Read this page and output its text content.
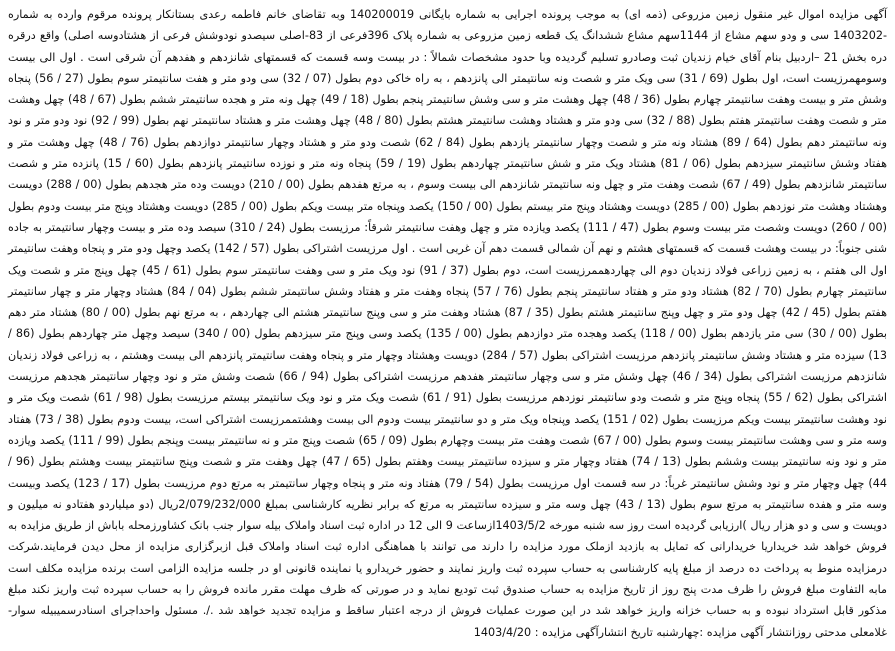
آگهی مزایده اموال غیر منقول زمین مزروعی (ذمه ای) به موجب پرونده اجرایی به شماره بایگانی 140200019 وبه تقاضای خانم فاطمه رعدی بستانکار پرونده مرقوم وارده به شماره -1403202 سی و ودو سهم مشاع از 1144سهم مشاع ششدانگ یک قطعه زمین مزروعی به شماره پلاک 396فرعی از 83-اصلی سیصدو نودوشش فرعی از هشتادوسه اصلی) واقع درقره دره بخش 21 –اردبیل بنام آقای خیام زندیان ثبت وصادرو تسلیم گردیده وبا حدود مشخصات شمالاً : در بیست وسه قسمت که قسمتهای شانزدهم و هفدهم آن شرقی است . اول الی بیست وسومهمرزیست است، اول بطول (69 / 31) سی ویک متر و شصت ونه سانتیمتر الی پانزدهم ، به راه خاکی دوم بطول (07 / 32) سی ودو متر و هفت سانتیمتر سوم بطول (27 / 56) پنجاه وشش متر و بیست وهفت سانتیمتر چهارم بطول (36 / 48) چهل وهشت متر و سی وشش سانتیمتر پنجم بطول (18 / 49) چهل ونه متر و هجده سانتیمتر ششم بطول (67 / 48) چهل وهشت متر و شصت وهفت سانتیمتر هفتم بطول (88 / 32) سی ودو متر و هشتاد وهشت سانتیمتر هشتم بطول (80 / 48) چهل وهشت متر و هشتاد سانتیمتر نهم بطول (99 / 92) نود ودو متر و نود ونه سانتیمتر دهم بطول (64 / 89) هشتاد ونه متر و شصت وچهار سانتیمتر یازدهم بطول (84 / 62) شصت ودو متر و هشتاد وچهار سانتیمتر دوازدهم بطول (76 / 48) چهل وهشت متر و هفتاد وشش سانتیمتر سیزدهم بطول (06 / 81) هشتاد ویک متر و شش سانتیمتر چهاردهم بطول (19 / 59) پنجاه ونه متر و نوزده سانتیمتر پانزدهم بطول (60 / 15) پانزده متر و شصت سانتیمتر شانزدهم بطول (49 / 67) شصت وهفت متر و چهل ونه سانتیمتر شانزدهم الی بیست وسوم ، به مرتع هفدهم بطول (00 / 210) دویست وده متر هجدهم بطول (00 / 288) دویست وهشتاد وهشت متر نوزدهم بطول (00 / 285) دویست وهشتاد وپنج متر بیستم بطول (00 / 150) یکصد وپنجاه متر بیست ویکم بطول (00 / 285) دویست وهشتاد وپنج متر بیست ودوم بطول (00 / 260) دویست وشصت متر بیست وسوم بطول (47 / 111) یکصد ویازده متر و چهل وهفت سانتیمتر شرقاً: مرزیست بطول (24 / 310) سیصد وده متر و بیست وچهار سانتیمتر به جاده شنی جنوباً: در بیست وهشت قسمت که قسمتهای هشتم و نهم آن شمالی قسمت دهم آن غربی است . اول مرزیست اشتراکی بطول (57 / 142) یکصد وچهل ودو متر و پنجاه وهفت سانتیمتر اول الی هفتم ، به زمین زراعی فولاد زندیان دوم الی چهاردهممرزیست است، دوم بطول (37 / 91) نود ویک متر و سی وهفت سانتیمتر سوم بطول (61 / 45) چهل وپنج متر و شصت ویک سانتیمتر چهارم بطول (70 / 82) هشتاد ودو متر و هفتاد سانتیمتر پنجم بطول (76 / 57) پنجاه وهفت متر و هفتاد وشش سانتیمتر ششم بطول (04 / 84) هشتاد وچهار متر و چهار سانتیمتر هفتم بطول (45 / 42) چهل ودو متر و چهل وپنج سانتیمتر هشتم بطول (35 / 87) هشتاد وهفت متر و سی وپنج سانتیمتر هشتم الی چهاردهم ، به مرتع نهم بطول (00 / 80) هشتاد متر دهم بطول (00 / 30) سی متر یازدهم بطول (00 / 118) یکصد وهجده متر دوازدهم بطول (00 / 135) یکصد وسی وپنج متر سیزدهم بطول (00 / 340) سیصد وچهل متر چهاردهم بطول (86 / 13) سیزده متر و هشتاد وشش سانتیمتر پانزدهم مرزیست اشتراکی بطول (57 / 284) دویست وهشتاد وچهار متر و پنجاه وهفت سانتیمتر پانزدهم الی بیست وهشتم ، به زراعی فولاد زندیان شانزدهم مرزیست اشتراکی بطول (34 / 46) چهل وشش متر و سی وچهار سانتیمتر هفدهم مرزیست اشتراکی بطول (94 / 66) شصت وشش متر و نود وچهار سانتیمتر هجدهم مرزیست اشتراکی بطول (62 / 55) پنجاه وپنج متر و شصت ودو سانتیمتر نوزدهم مرزیست بطول (91 / 61) شصت ویک متر و نود ویک سانتیمتر بیستم مرزیست بطول (98 / 61) شصت ویک متر و نود وهشت سانتیمتر بیست ویکم مرزیست بطول (02 / 151) یکصد وپنجاه ویک متر و دو سانتیمتر بیست ودوم الی بیست وهشتممرزیست اشتراکی است، بیست ودوم بطول (38 / 73) هفتاد وسه متر و سی وهشت سانتیمتر بیست وسوم بطول (00 / 67) شصت وهفت متر بیست وچهارم بطول (09 / 65) شصت وپنج متر و نه سانتیمتر بیست وپنجم بطول (99 / 111) یکصد ویازده متر و نود ونه سانتیمتر بیست وششم بطول (13 / 74) هفتاد وچهار متر و سیزده سانتیمتر بیست وهفتم بطول (65 / 47) چهل وهفت متر و شصت وپنج سانتیمتر بیست وهشتم بطول (96 / 44) چهل وچهار متر و نود وشش سانتیمتر غرباً: در سه قسمت اول مرزیست بطول (54 / 79) هفتاد ونه متر و پنجاه وچهار سانتیمتر به مرتع دوم مرزیست بطول (17 / 123) یکصد وبیست وسه متر و هفده سانتیمتر به مرتع سوم بطول (13 / 43) چهل وسه متر و سیزده سانتیمتر به مرتع که برابر نظریه کارشناسی بمبلغ 2/079/232/000ریال (دو میلیاردو هفتادو نه میلیون و دویست و سی و دو هزار ریال )ارزیابی گردیده است روز سه شنبه مورخه 1403/5/2ازساعت 9 الی 12 در اداره ثبت اسناد واملاک بیله سوار جنب بانک کشاورزمحله باباش از طریق مزایده به فروش خواهد شد خریداریا خریدارانی که تمایل به بازدید ازملک مورد مزایده را دارند می توانند با هماهنگی اداره ثبت اسناد واملاک قبل ازبرگزاری مزایده از محل دیدن فرمایند.شرکت درمزایده منوط به پرداخت ده درصد از مبلغ پایه کارشناسی به حساب سپرده ثبت واریز نمایند و حضور خریدارو یا نماینده قانونی او در جلسه مزایده الزامی است برنده مزایده مکلف است مابه التفاوت مبلغ فروش را ظرف مدت پنج روز از تاریخ مزایده به حساب صندوق ثبت تودیع نماید و در صورتی که ظرف مهلت مقرر مانده فروش را به حساب سپرده ثبت واریز نکند مبلغ مذکور قابل استرداد نبوده و به حساب خزانه واریز خواهد شد در این صورت عملیات فروش از درجه اعتبار ساقط و مزایده تجدید خواهد شد ./. مسئول واحداجرای اسنادرسمیبیله سوار- غلامعلی مدحتی روزانتشار آگهی مزایده :چهارشنبه تاریخ انتشارآگهی مزایده : 1403/4/20
